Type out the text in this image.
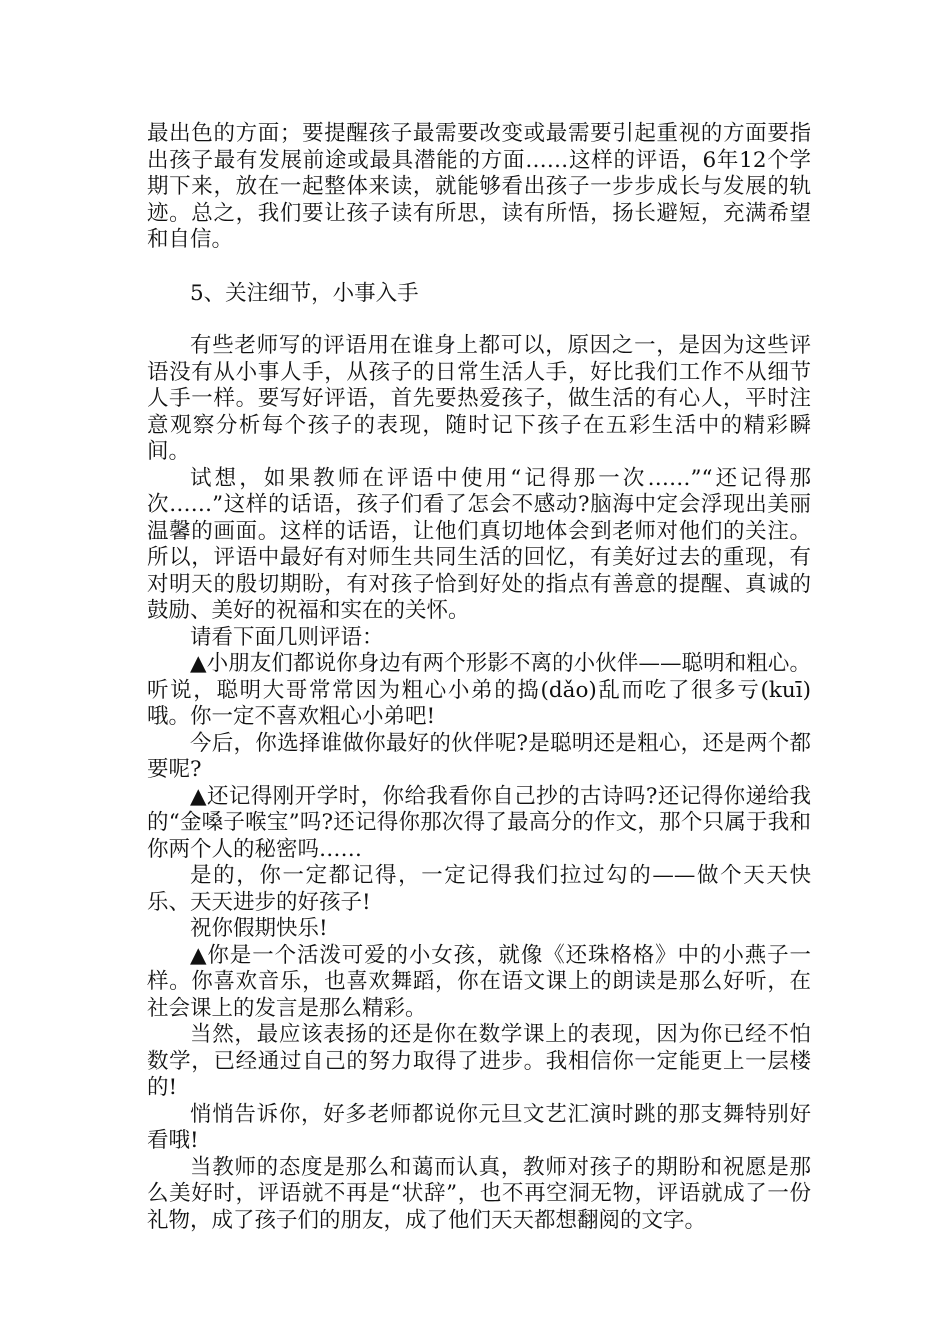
最出色的方面；要提醒孩子最需要改变或最需要引起重视的方面要指出孩子最有发展前途或最具潜能的方面……这样的评语，6年12个学期下来，放在一起整体来读，就能够看出孩子一步步成长与发展的轨迹。总之，我们要让孩子读有所思，读有所悟，扬长避短，充满希望和自信。

5、关注细节，小事入手

有些老师写的评语用在谁身上都可以，原因之一，是因为这些评语没有从小事人手，从孩子的日常生活人手，好比我们工作不从细节人手一样。要写好评语，首先要热爱孩子，做生活的有心人，平时注意观察分析每个孩子的表现，随时记下孩子在五彩生活中的精彩瞬间。

试想，如果教师在评语中使用“记得那一次……”“还记得那次……”这样的话语，孩子们看了怎会不感动?脑海中定会浮现出美丽温馨的画面。这样的话语，让他们真切地体会到老师对他们的关注。所以，评语中最好有对师生共同生活的回忆，有美好过去的重现，有对明天的殷切期盼，有对孩子恰到好处的指点有善意的提醒、真诚的鼓励、美好的祝福和实在的关怀。

请看下面几则评语：

▲小朋友们都说你身边有两个形影不离的小伙伴——聪明和粗心。听说，聪明大哥常常因为粗心小弟的捣(dǎo)乱而吃了很多亏(kuī)哦。你一定不喜欢粗心小弟吧!

今后，你选择谁做你最好的伙伴呢?是聪明还是粗心，还是两个都要呢?

▲还记得刚开学时，你给我看你自己抄的古诗吗?还记得你递给我的“金嗓子喉宝”吗?还记得你那次得了最高分的作文，那个只属于我和你两个人的秘密吗……

是的，你一定都记得，一定记得我们拉过勾的——做个天天快乐、天天进步的好孩子!

祝你假期快乐!

▲你是一个活泼可爱的小女孩，就像《还珠格格》中的小燕子一样。你喜欢音乐，也喜欢舞蹈，你在语文课上的朗读是那么好听，在社会课上的发言是那么精彩。

当然，最应该表扬的还是你在数学课上的表现，因为你已经不怕数学，已经通过自己的努力取得了进步。我相信你一定能更上一层楼的!

悄悄告诉你，好多老师都说你元旦文艺汇演时跳的那支舞特别好看哦!

当教师的态度是那么和蔼而认真，教师对孩子的期盼和祝愿是那么美好时，评语就不再是“状辞”，也不再空洞无物，评语就成了一份礼物，成了孩子们的朋友，成了他们天天都想翻阅的文字。
